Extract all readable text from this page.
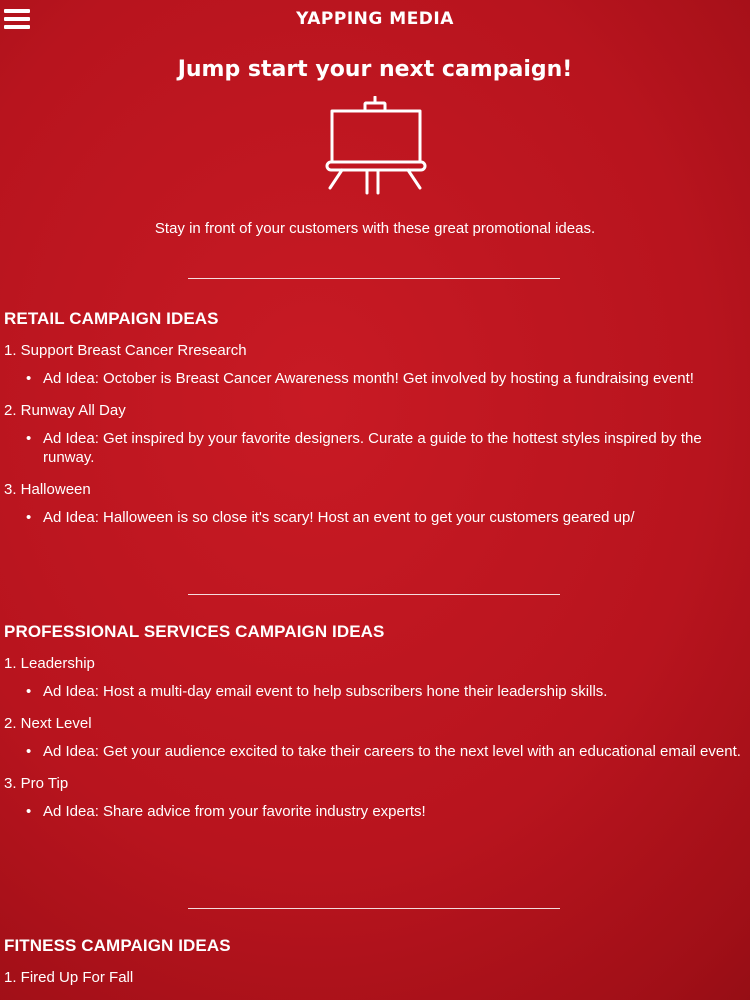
YAPPING MEDIA
Jump start your next campaign!
Stay in front of your customers with these great promotional ideas.
RETAIL CAMPAIGN IDEAS
1. Support Breast Cancer Rresearch
• Ad Idea: October is Breast Cancer Awareness month! Get involved by hosting a fundraising event!
2. Runway All Day
• Ad Idea: Get inspired by your favorite designers. Curate a guide to the hottest styles inspired by the runway.
3. Halloween
• Ad Idea: Halloween is so close it's scary! Host an event to get your customers geared up/
PROFESSIONAL SERVICES CAMPAIGN IDEAS
1. Leadership
• Ad Idea: Host a multi-day email event to help subscribers hone their leadership skills.
2. Next Level
• Ad Idea: Get your audience excited to take their careers to the next level with an educational email event.
3. Pro Tip
• Ad Idea: Share advice from your favorite industry experts!
FITNESS CAMPAIGN IDEAS
1. Fired Up For Fall
